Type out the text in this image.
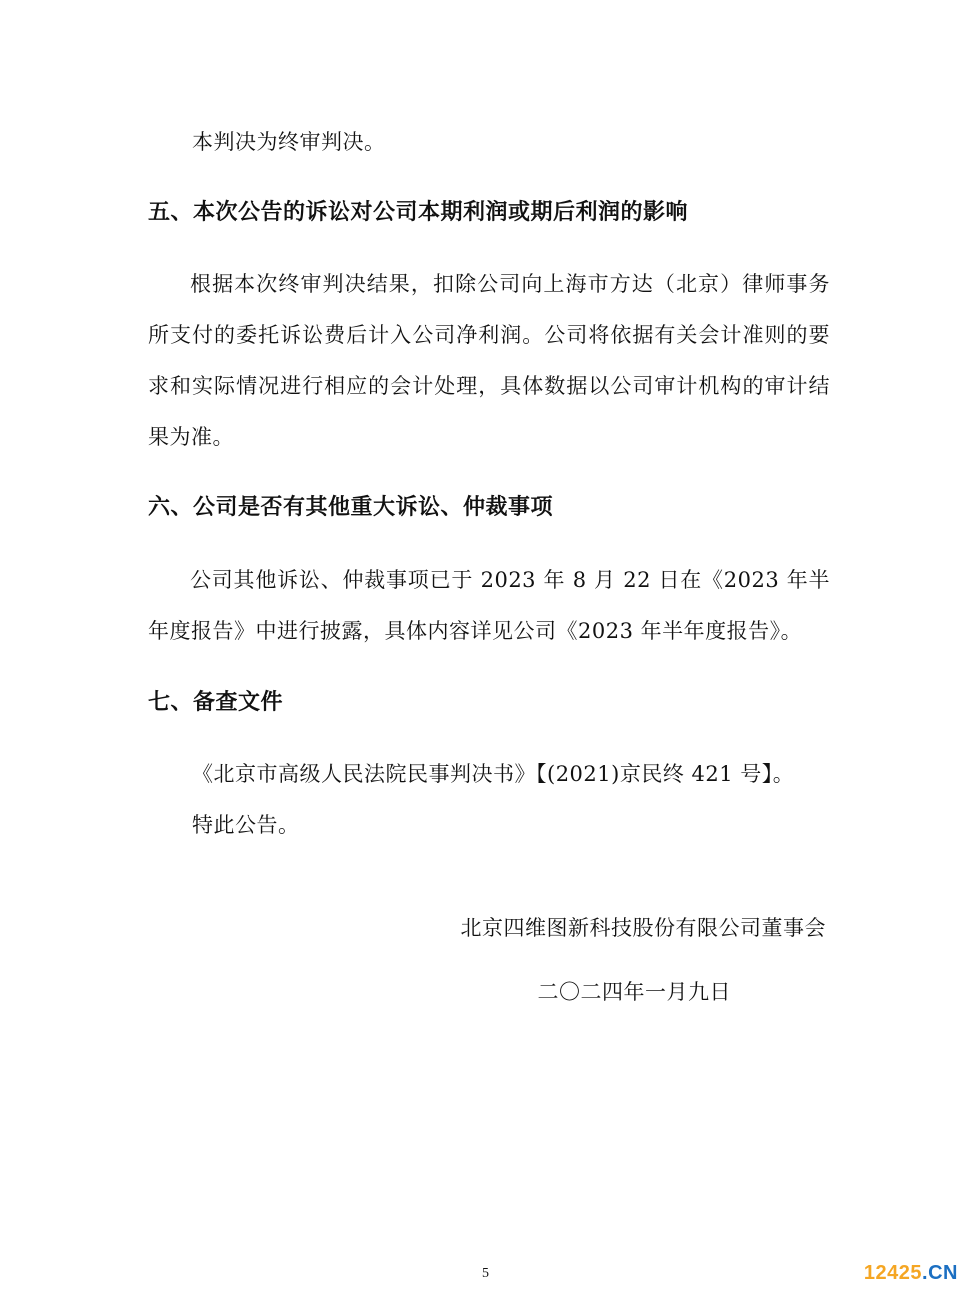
本判决为终审判决。

五、本次公告的诉讼对公司本期利润或期后利润的影响

根据本次终审判决结果，扣除公司向上海市方达（北京）律师事务所支付的委托诉讼费后计入公司净利润。公司将依据有关会计准则的要求和实际情况进行相应的会计处理，具体数据以公司审计机构的审计结果为准。

六、公司是否有其他重大诉讼、仲裁事项

公司其他诉讼、仲裁事项已于 2023 年 8 月 22 日在《2023 年半年度报告》中进行披露，具体内容详见公司《2023 年半年度报告》。

七、备查文件

《北京市高级人民法院民事判决书》【(2021)京民终 421 号】。

特此公告。

北京四维图新科技股份有限公司董事会

二〇二四年一月九日

5	12425.CN
